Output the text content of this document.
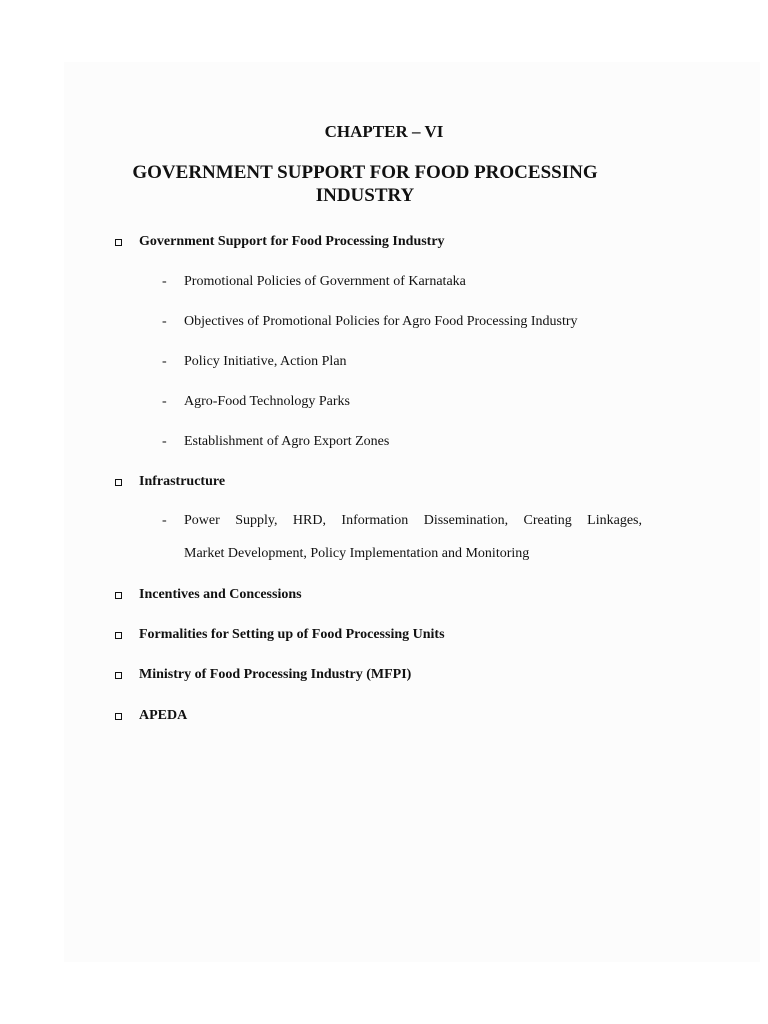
CHAPTER – VI
GOVERNMENT SUPPORT FOR FOOD PROCESSING INDUSTRY
Government Support for Food Processing Industry
-	Promotional Policies of Government of Karnataka
-	Objectives of Promotional Policies for Agro Food Processing Industry
-	Policy Initiative, Action Plan
-	Agro-Food Technology Parks
-	Establishment of Agro Export Zones
Infrastructure
-	Power Supply, HRD, Information Dissemination, Creating Linkages,
Market Development, Policy Implementation and Monitoring
Incentives and Concessions
Formalities for Setting up of Food Processing Units
Ministry of Food Processing Industry (MFPI)
APEDA
